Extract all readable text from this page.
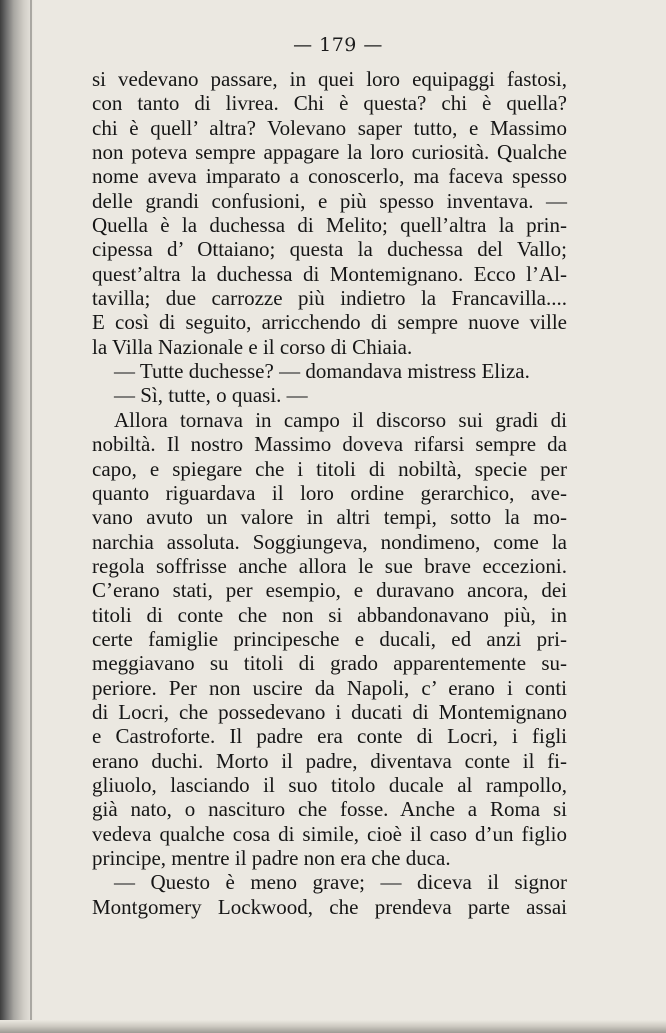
— 179 —
si vedevano passare, in quei loro equipaggi fastosi,
con tanto di livrea. Chi è questa? chi è quella?
chi è quell’ altra? Volevano saper tutto, e Massimo
non poteva sempre appagare la loro curiosità. Qualche
nome aveva imparato a conoscerlo, ma faceva spesso
delle grandi confusioni, e più spesso inventava. —
Quella è la duchessa di Melito; quell’altra la prin-
cipessa d’ Ottaiano; questa la duchessa del Vallo;
quest’altra la duchessa di Montemignano. Ecco l’Al-
tavilla; due carrozze più indietro la Francavilla....
E così di seguito, arricchendo di sempre nuove ville
la Villa Nazionale e il corso di Chiaia.
— Tutte duchesse? — domandava mistress Eliza.
— Sì, tutte, o quasi. —
Allora tornava in campo il discorso sui gradi di
nobiltà. Il nostro Massimo doveva rifarsi sempre da
capo, e spiegare che i titoli di nobiltà, specie per
quanto riguardava il loro ordine gerarchico, ave-
vano avuto un valore in altri tempi, sotto la mo-
narchia assoluta. Soggiungeva, nondimeno, come la
regola soffrisse anche allora le sue brave eccezioni.
C’erano stati, per esempio, e duravano ancora, dei
titoli di conte che non si abbandonavano più, in
certe famiglie principesche e ducali, ed anzi pri-
meggiavano su titoli di grado apparentemente su-
periore. Per non uscire da Napoli, c’ erano i conti
di Locri, che possedevano i ducati di Montemignano
e Castroforte. Il padre era conte di Locri, i figli
erano duchi. Morto il padre, diventava conte il fi-
gliuolo, lasciando il suo titolo ducale al rampollo,
già nato, o nascituro che fosse. Anche a Roma si
vedeva qualche cosa di simile, cioè il caso d’un figlio
principe, mentre il padre non era che duca.
— Questo è meno grave; — diceva il signor
Montgomery Lockwood, che prendeva parte assai
